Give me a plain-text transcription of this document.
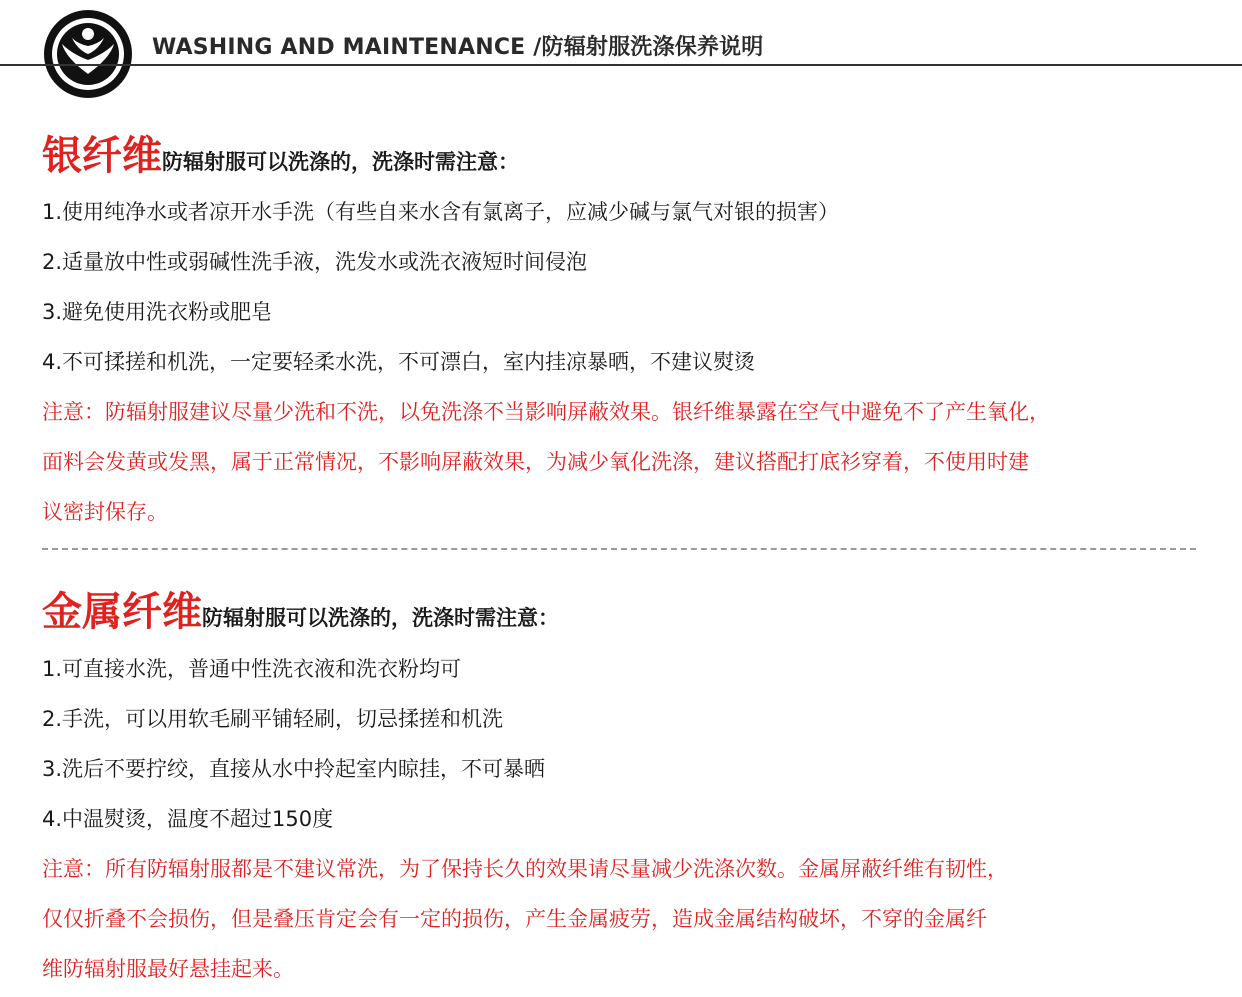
WASHING AND MAINTENANCE /防辐射服洗涤保养说明
银纤维防辐射服可以洗涤的，洗涤时需注意：
1.使用纯净水或者凉开水手洗（有些自来水含有氯离子，应减少碱与氯气对银的损害）
2.适量放中性或弱碱性洗手液，洗发水或洗衣液短时间侵泡
3.避免使用洗衣粉或肥皂
4.不可揉搓和机洗，一定要轻柔水洗，不可漂白，室内挂凉暴晒，不建议熨烫
注意：防辐射服建议尽量少洗和不洗，以免洗涤不当影响屏蔽效果。银纤维暴露在空气中避免不了产生氧化，
面料会发黄或发黑，属于正常情况，不影响屏蔽效果，为减少氧化洗涤，建议搭配打底衫穿着，不使用时建
议密封保存。
金属纤维防辐射服可以洗涤的，洗涤时需注意：
1.可直接水洗，普通中性洗衣液和洗衣粉均可
2.手洗，可以用软毛刷平铺轻刷，切忌揉搓和机洗
3.洗后不要拧绞，直接从水中拎起室内晾挂，不可暴晒
4.中温熨烫，温度不超过150度
注意：所有防辐射服都是不建议常洗，为了保持长久的效果请尽量减少洗涤次数。金属屏蔽纤维有韧性，
仅仅折叠不会损伤，但是叠压肯定会有一定的损伤，产生金属疲劳，造成金属结构破坏，不穿的金属纤
维防辐射服最好悬挂起来。
